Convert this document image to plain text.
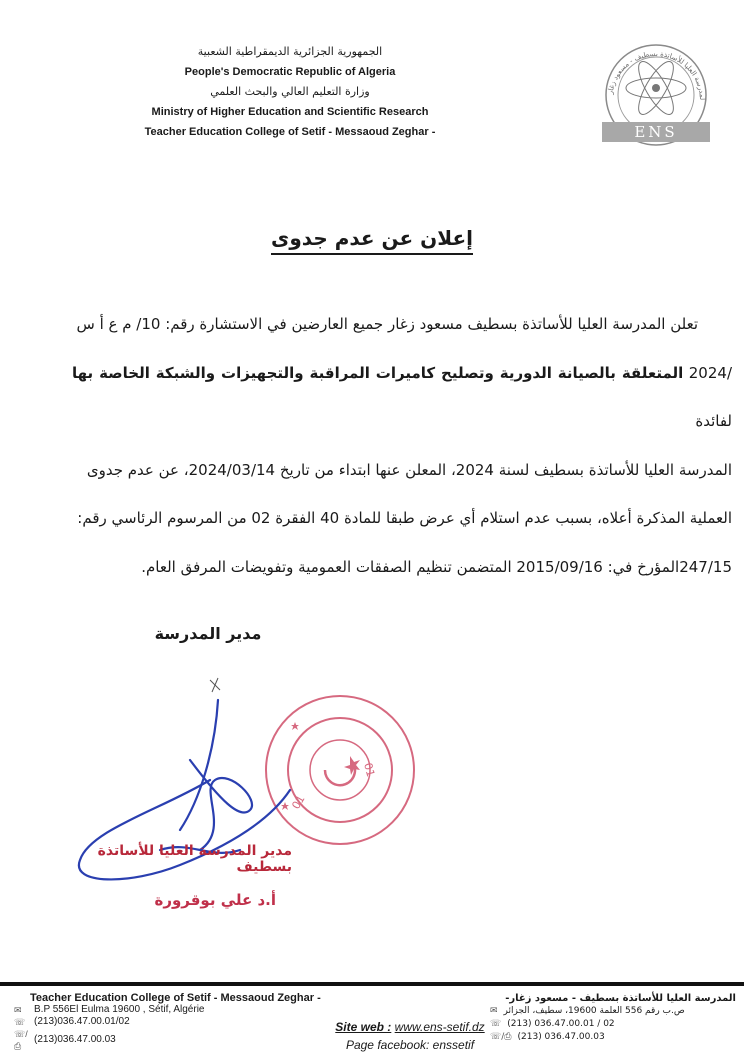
الجمهورية الجزائرية الديمقراطية الشعبية
People's Democratic Republic of Algeria
وزارة التعليم العالي والبحث العلمي
Ministry of Higher Education and Scientific Research
Teacher Education College of Setif - Messaoud Zeghar -
لمدرسة العليا للأساتذة بسطيف - مسعود زغار
ENS
إعلان عن عدم جدوى

تعلن المدرسة العليا للأساتذة بسطيف مسعود زغار جميع العارضين في الاستشارة رقم: 10/ م ع أ س

/2024 المتعلقة بالصيانة الدورية وتصليح كاميرات المراقبة والتجهيزات والشبكة الخاصة بها لفائدة

المدرسة العليا للأساتذة بسطيف لسنة 2024، المعلن عنها ابتداء من تاريخ 2024/03/14، عن عدم جدوى

العملية المذكرة أعلاه، بسبب عدم استلام أي عرض طبقا للمادة 40 الفقرة 02 من المرسوم الرئاسي رقم:

247/15المؤرخ في: 2015/09/16 المتضمن تنظيم الصفقات العمومية وتفويضات المرفق العام.

مدير المدرسة
01
01
مدير المدرسة العليا للأساتذة بسطيف
أ.د علي بوقرورة
Teacher Education College of Setif - Messaoud Zeghar -
✉	B.P 556El Eulma 19600 , Sétif, Algérie
☏ (213)036.47.00.01/02
☏/⎙
(213)036.47.00.03
Site web : www.ens-setif.dz
Page facebook: enssetif
المدرسة العليا للأساتذة بسطيف - مسعود زغار-
✉ ص.ب رقم 556 العلمة 19600، سطيف، الجزائر
☏ (213) 036.47.00.01 / 02
⎙/☏ (213) 036.47.00.03
